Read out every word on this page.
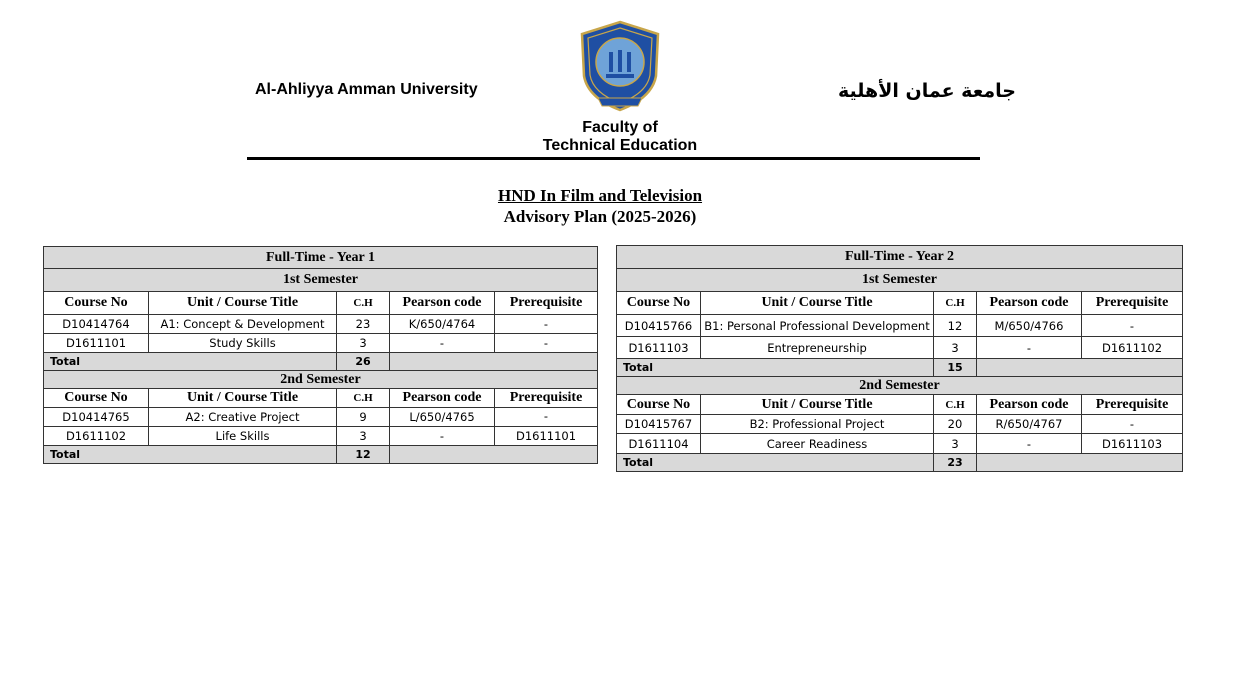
Al-Ahliyya Amman University	جامعة عمان الأهلية
Faculty of
Technical Education
HND In Film and Television
Advisory Plan (2025-2026)
Full-Time - Year 1				
1st Semester				
Course No	Unit / Course Title	C.H	Pearson code	Prerequisite
D10414764	A1: Concept & Development	23	K/650/4764	-
D1611101	Study Skills	3	-	-
Total		26		
2nd Semester				
Course No	Unit / Course Title	C.H	Pearson code	Prerequisite
D10414765	A2: Creative Project	9	L/650/4765	-
D1611102	Life Skills	3	-	D1611101
Total		12		
Full-Time - Year 2				
1st Semester				
Course No	Unit / Course Title	C.H	Pearson code	Prerequisite
D10415766	B1: Personal Professional Development	12	M/650/4766	-
D1611103	Entrepreneurship	3	-	D1611102
Total		15		
2nd Semester				
Course No	Unit / Course Title	C.H	Pearson code	Prerequisite
D10415767	B2: Professional Project	20	R/650/4767	-
D1611104	Career Readiness	3	-	D1611103
Total		23		
